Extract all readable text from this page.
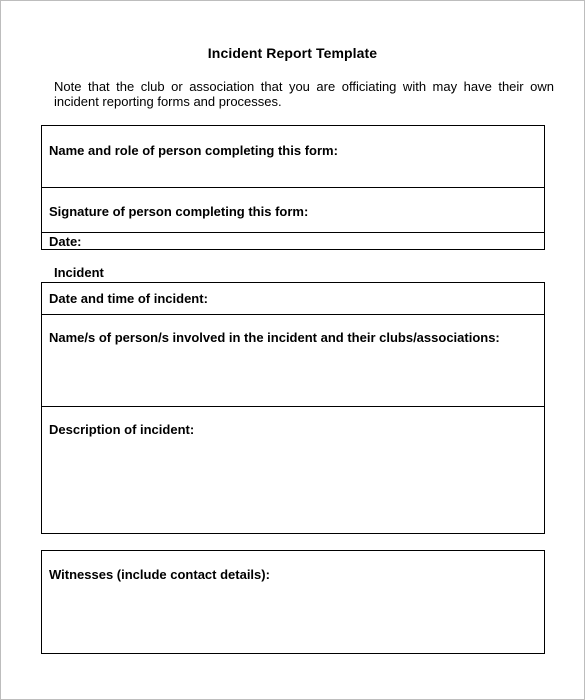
Incident Report Template
Note that the club or association that you are officiating with may have their own incident reporting forms and processes.
Name and role of person completing this form:
Signature of person completing this form:
Date:
Incident
Date and time of incident:
Name/s of person/s involved in the incident and their clubs/associations:
Description of incident:
Witnesses (include contact details):
